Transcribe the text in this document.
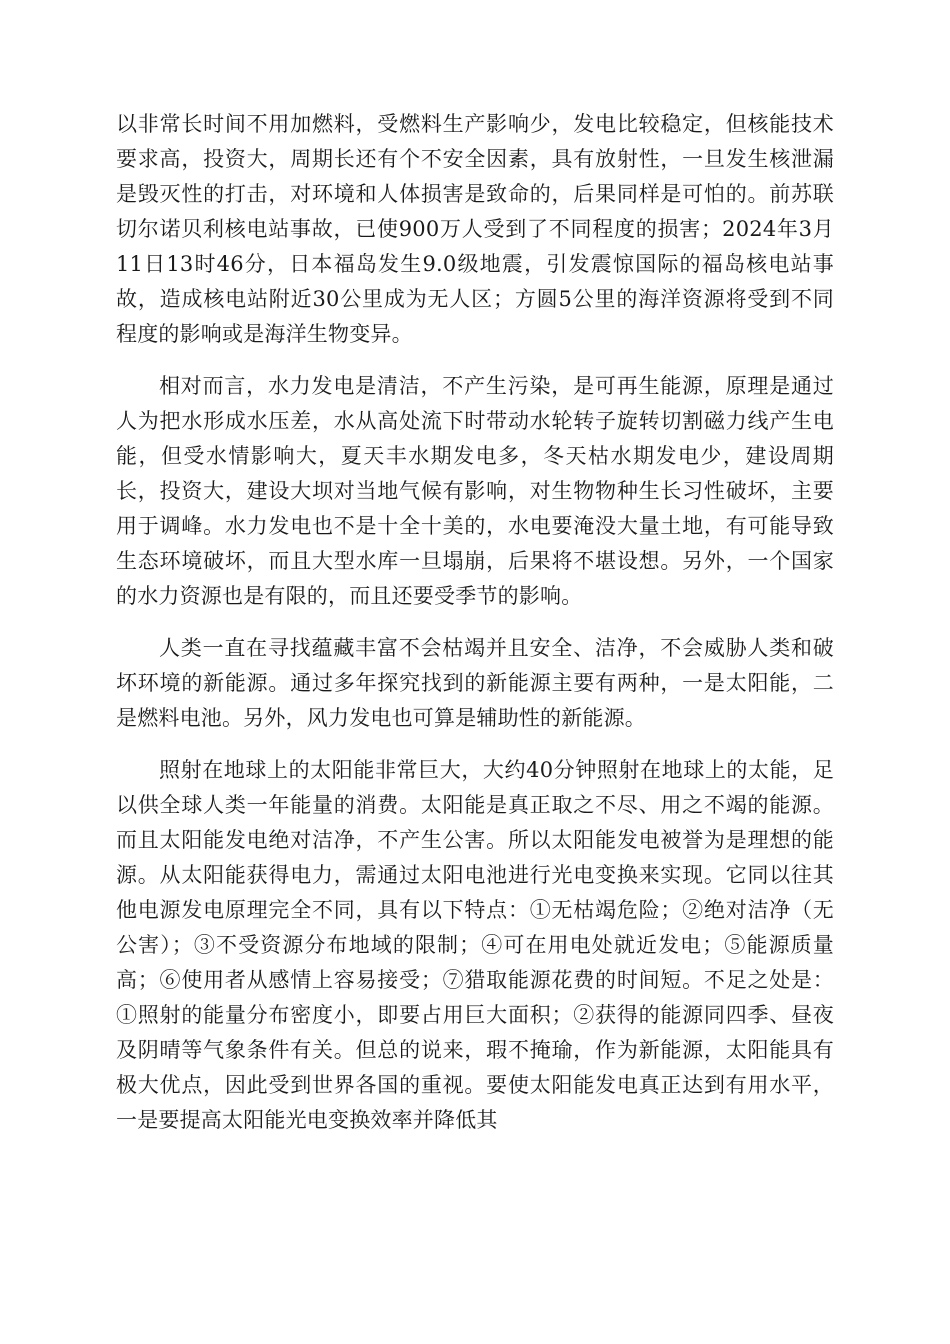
以非常长时间不用加燃料，受燃料生产影响少，发电比较稳定，但核能技术要求高，投资大，周期长还有个不安全因素，具有放射性，一旦发生核泄漏是毁灭性的打击，对环境和人体损害是致命的，后果同样是可怕的。前苏联切尔诺贝利核电站事故，已使900万人受到了不同程度的损害；2024年3月11日13时46分，日本福岛发生9.0级地震，引发震惊国际的福岛核电站事故，造成核电站附近30公里成为无人区；方圆5公里的海洋资源将受到不同程度的影响或是海洋生物变异。

相对而言，水力发电是清洁，不产生污染，是可再生能源，原理是通过人为把水形成水压差，水从高处流下时带动水轮转子旋转切割磁力线产生电能，但受水情影响大，夏天丰水期发电多，冬天枯水期发电少，建设周期长，投资大，建设大坝对当地气候有影响，对生物物种生长习性破坏，主要用于调峰。水力发电也不是十全十美的，水电要淹没大量土地，有可能导致生态环境破坏，而且大型水库一旦塌崩，后果将不堪设想。另外，一个国家的水力资源也是有限的，而且还要受季节的影响。

人类一直在寻找蕴藏丰富不会枯竭并且安全、洁净，不会威胁人类和破坏环境的新能源。通过多年探究找到的新能源主要有两种，一是太阳能，二是燃料电池。另外，风力发电也可算是辅助性的新能源。

照射在地球上的太阳能非常巨大，大约40分钟照射在地球上的太能，足以供全球人类一年能量的消费。太阳能是真正取之不尽、用之不竭的能源。而且太阳能发电绝对洁净，不产生公害。所以太阳能发电被誉为是理想的能源。从太阳能获得电力，需通过太阳电池进行光电变换来实现。它同以往其他电源发电原理完全不同，具有以下特点：①无枯竭危险；②绝对洁净（无公害）；③不受资源分布地域的限制；④可在用电处就近发电；⑤能源质量高；⑥使用者从感情上容易接受；⑦猎取能源花费的时间短。不足之处是：①照射的能量分布密度小，即要占用巨大面积；②获得的能源同四季、昼夜及阴晴等气象条件有关。但总的说来，瑕不掩瑜，作为新能源，太阳能具有极大优点，因此受到世界各国的重视。要使太阳能发电真正达到有用水平，一是要提高太阳能光电变换效率并降低其
